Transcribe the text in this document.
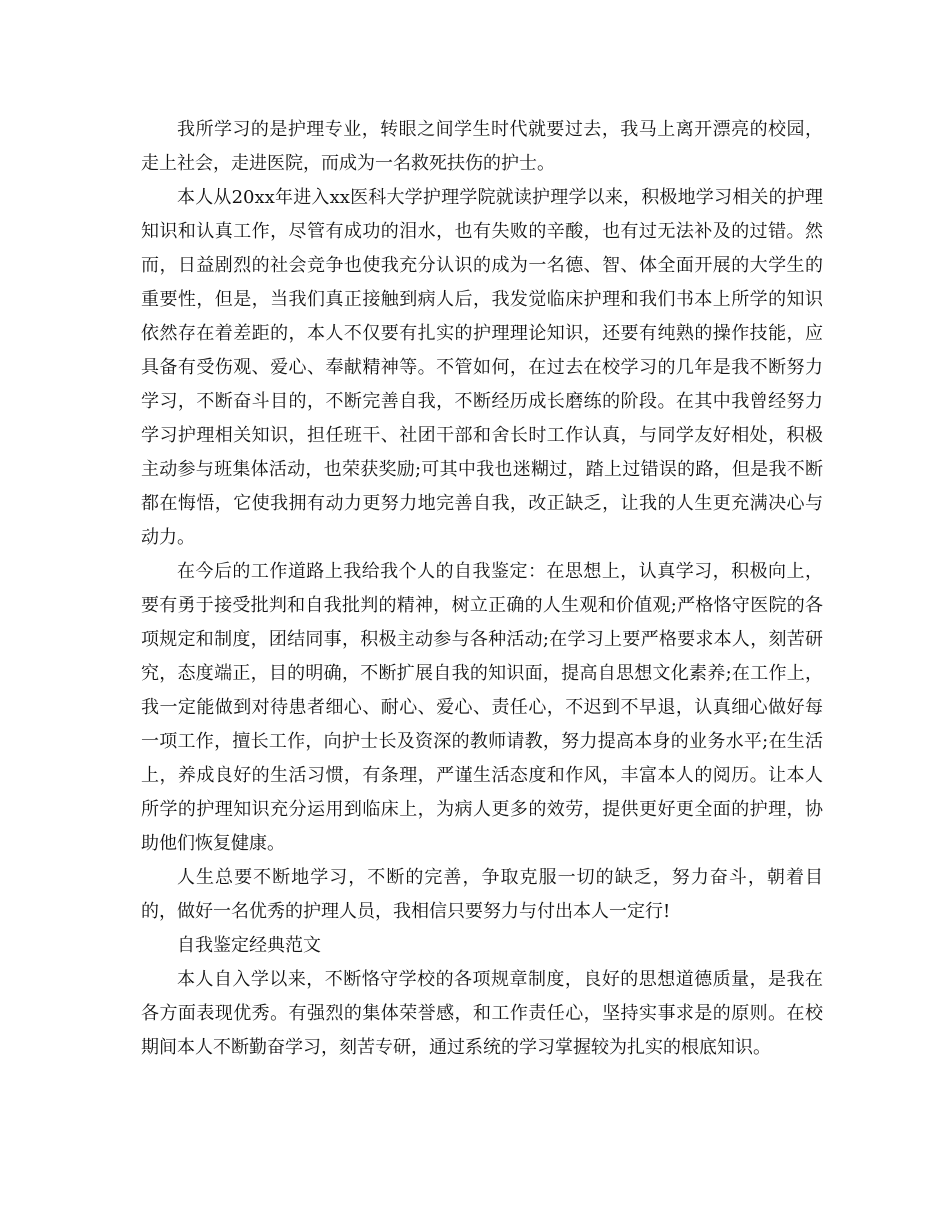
我所学习的是护理专业，转眼之间学生时代就要过去，我马上离开漂亮的校园，走上社会，走进医院，而成为一名救死扶伤的护士。

本人从20xx年进入xx医科大学护理学院就读护理学以来，积极地学习相关的护理知识和认真工作，尽管有成功的泪水，也有失败的辛酸，也有过无法补及的过错。然而，日益剧烈的社会竞争也使我充分认识的成为一名德、智、体全面开展的大学生的重要性，但是，当我们真正接触到病人后，我发觉临床护理和我们书本上所学的知识依然存在着差距的，本人不仅要有扎实的护理理论知识，还要有纯熟的操作技能，应具备有受伤观、爱心、奉献精神等。不管如何，在过去在校学习的几年是我不断努力学习，不断奋斗目的，不断完善自我，不断经历成长磨练的阶段。在其中我曾经努力学习护理相关知识，担任班干、社团干部和舍长时工作认真，与同学友好相处，积极主动参与班集体活动，也荣获奖励;可其中我也迷糊过，踏上过错误的路，但是我不断都在悔悟，它使我拥有动力更努力地完善自我，改正缺乏，让我的人生更充满决心与动力。

在今后的工作道路上我给我个人的自我鉴定：在思想上，认真学习，积极向上，要有勇于接受批判和自我批判的精神，树立正确的人生观和价值观;严格恪守医院的各项规定和制度，团结同事，积极主动参与各种活动;在学习上要严格要求本人，刻苦研究，态度端正，目的明确，不断扩展自我的知识面，提高自思想文化素养;在工作上，我一定能做到对待患者细心、耐心、爱心、责任心，不迟到不早退，认真细心做好每一项工作，擅长工作，向护士长及资深的教师请教，努力提高本身的业务水平;在生活上，养成良好的生活习惯，有条理，严谨生活态度和作风，丰富本人的阅历。让本人所学的护理知识充分运用到临床上，为病人更多的效劳，提供更好更全面的护理，协助他们恢复健康。

人生总要不断地学习，不断的完善，争取克服一切的缺乏，努力奋斗，朝着目的，做好一名优秀的护理人员，我相信只要努力与付出本人一定行!

自我鉴定经典范文

本人自入学以来，不断恪守学校的各项规章制度，良好的思想道德质量，是我在各方面表现优秀。有强烈的集体荣誉感，和工作责任心，坚持实事求是的原则。在校期间本人不断勤奋学习，刻苦专研，通过系统的学习掌握较为扎实的根底知识。
